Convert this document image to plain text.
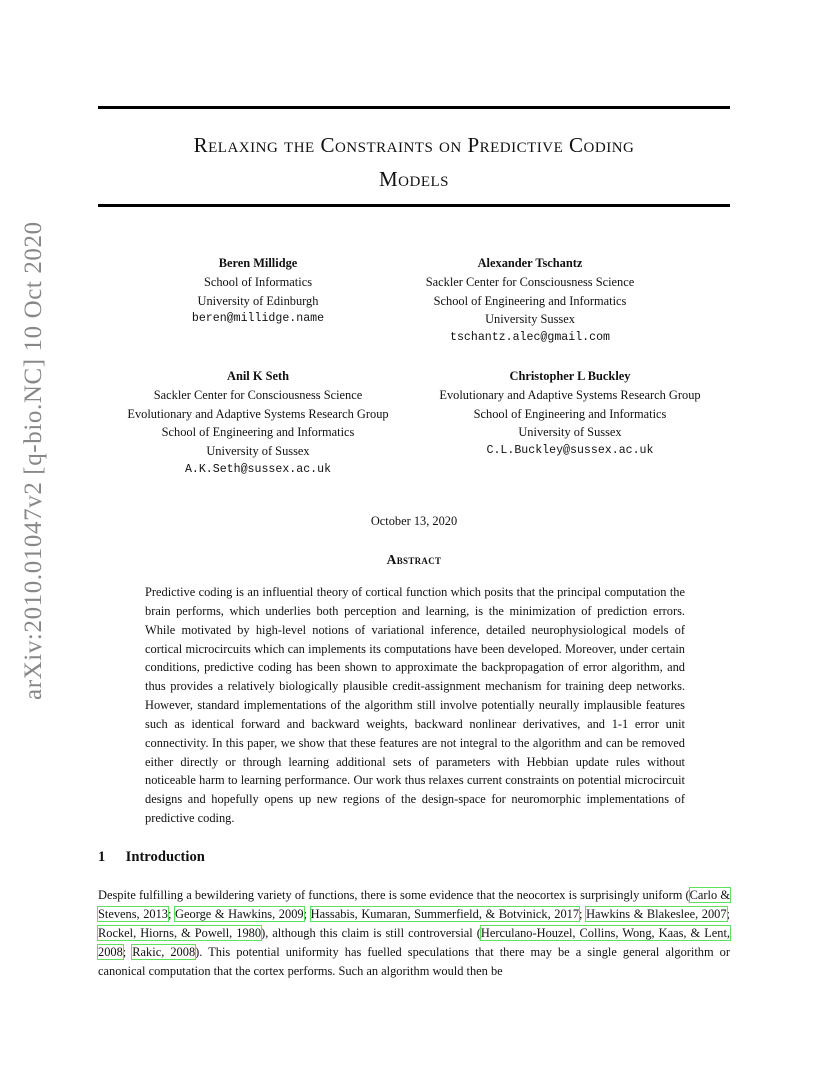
arXiv:2010.01047v2 [q-bio.NC] 10 Oct 2020
Relaxing the Constraints on Predictive Coding
Models
Beren Millidge
School of Informatics
University of Edinburgh
beren@millidge.name
Alexander Tschantz
Sackler Center for Consciousness Science
School of Engineering and Informatics
University Sussex
tschantz.alec@gmail.com
Anil K Seth
Sackler Center for Consciousness Science
Evolutionary and Adaptive Systems Research Group
School of Engineering and Informatics
University of Sussex
A.K.Seth@sussex.ac.uk
Christopher L Buckley
Evolutionary and Adaptive Systems Research Group
School of Engineering and Informatics
University of Sussex
C.L.Buckley@sussex.ac.uk
October 13, 2020
Abstract
Predictive coding is an influential theory of cortical function which posits that the principal computation the brain performs, which underlies both perception and learning, is the minimization of prediction errors. While motivated by high-level notions of variational inference, detailed neurophysiological models of cortical microcircuits which can implements its computations have been developed. Moreover, under certain conditions, predictive coding has been shown to approximate the backpropagation of error algorithm, and thus provides a relatively biologically plausible credit-assignment mechanism for training deep networks. However, standard implementations of the algorithm still involve potentially neurally implausible features such as identical forward and backward weights, backward nonlinear derivatives, and 1-1 error unit connectivity. In this paper, we show that these features are not integral to the algorithm and can be removed either directly or through learning additional sets of parameters with Hebbian update rules without noticeable harm to learning performance. Our work thus relaxes current constraints on potential microcircuit designs and hopefully opens up new regions of the design-space for neuromorphic implementations of predictive coding.
1 Introduction
Despite fulfilling a bewildering variety of functions, there is some evidence that the neocortex is surprisingly uniform (Carlo & Stevens, 2013; George & Hawkins, 2009; Hassabis, Kumaran, Summerfield, & Botvinick, 2017; Hawkins & Blakeslee, 2007; Rockel, Hiorns, & Powell, 1980), although this claim is still controversial (Herculano-Houzel, Collins, Wong, Kaas, & Lent, 2008; Rakic, 2008). This potential uniformity has fuelled speculations that there may be a single general algorithm or canonical computation that the cortex performs. Such an algorithm would then be
